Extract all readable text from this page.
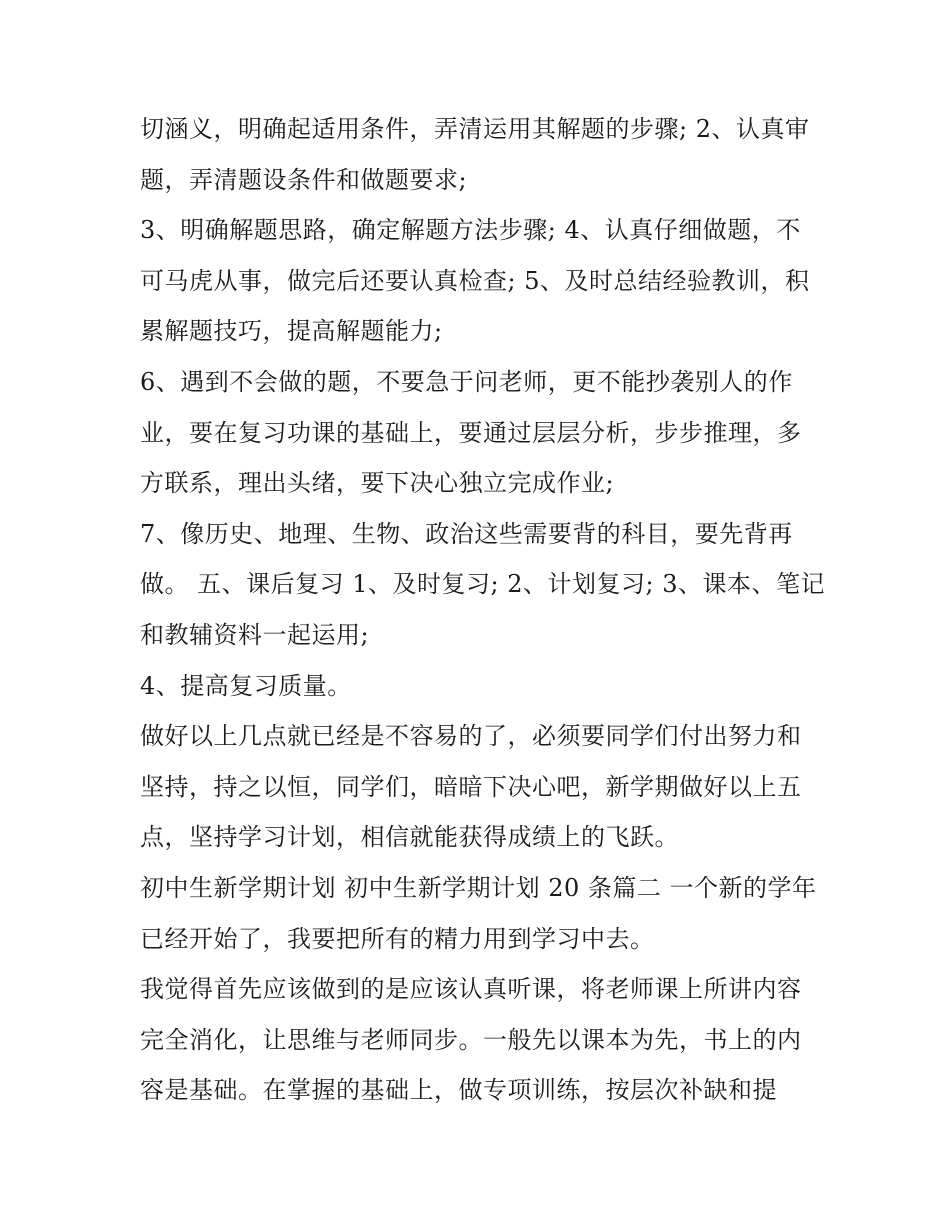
切涵义，明确起适用条件，弄清运用其解题的步骤; 2、认真审
题，弄清题设条件和做题要求;
3、明确解题思路，确定解题方法步骤; 4、认真仔细做题，不
可马虎从事，做完后还要认真检查; 5、及时总结经验教训，积
累解题技巧，提高解题能力;
6、遇到不会做的题，不要急于问老师，更不能抄袭别人的作
业，要在复习功课的基础上，要通过层层分析，步步推理，多
方联系，理出头绪，要下决心独立完成作业;
7、像历史、地理、生物、政治这些需要背的科目，要先背再
做。 五、课后复习 1、及时复习; 2、计划复习; 3、课本、笔记
和教辅资料一起运用;
4、提高复习质量。
做好以上几点就已经是不容易的了，必须要同学们付出努力和
坚持，持之以恒，同学们，暗暗下决心吧，新学期做好以上五
点，坚持学习计划，相信就能获得成绩上的飞跃。
初中生新学期计划 初中生新学期计划 20 条篇二 一个新的学年
已经开始了，我要把所有的精力用到学习中去。
我觉得首先应该做到的是应该认真听课，将老师课上所讲内容
完全消化，让思维与老师同步。一般先以课本为先，书上的内
容是基础。在掌握的基础上，做专项训练，按层次补缺和提
